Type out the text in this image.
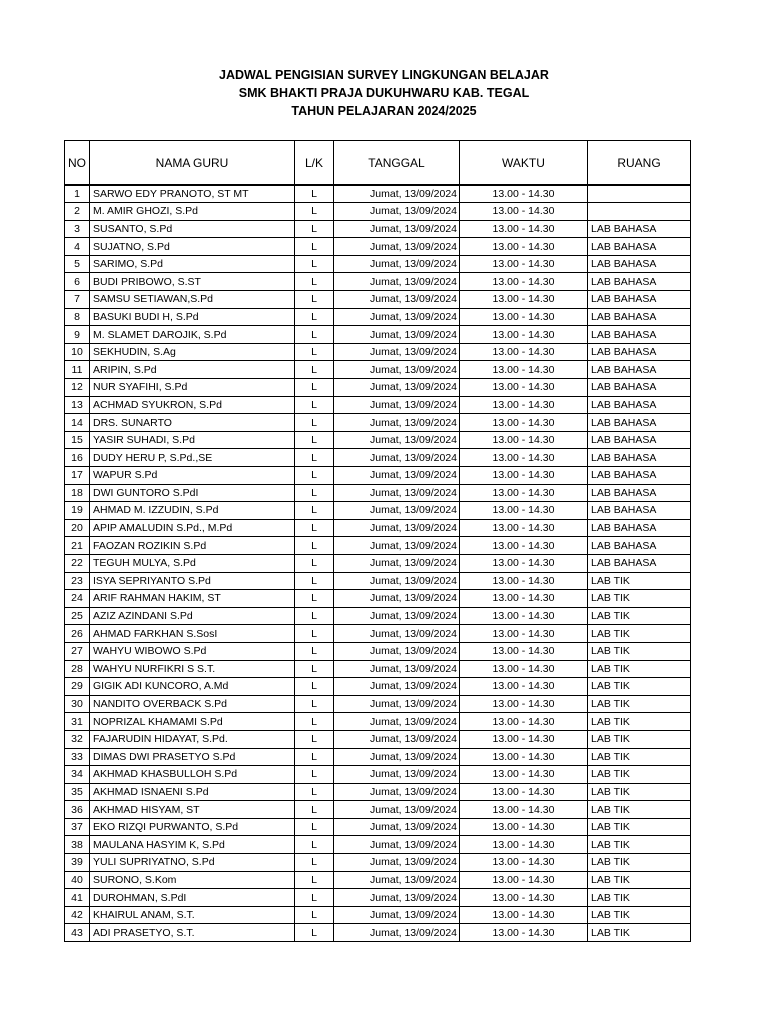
JADWAL PENGISIAN SURVEY LINGKUNGAN BELAJAR
SMK BHAKTI PRAJA DUKUHWARU KAB. TEGAL
TAHUN PELAJARAN 2024/2025
NO	NAMA GURU	L/K	TANGGAL	WAKTU	RUANG
1	SARWO EDY PRANOTO, ST MT	L	Jumat, 13/09/2024	13.00 - 14.30	
2	M. AMIR GHOZI, S.Pd	L	Jumat, 13/09/2024	13.00 - 14.30	
3	SUSANTO, S.Pd	L	Jumat, 13/09/2024	13.00 - 14.30	LAB BAHASA
4	SUJATNO, S.Pd	L	Jumat, 13/09/2024	13.00 - 14.30	LAB BAHASA
5	SARIMO, S.Pd	L	Jumat, 13/09/2024	13.00 - 14.30	LAB BAHASA
6	BUDI PRIBOWO, S.ST	L	Jumat, 13/09/2024	13.00 - 14.30	LAB BAHASA
7	SAMSU SETIAWAN,S.Pd	L	Jumat, 13/09/2024	13.00 - 14.30	LAB BAHASA
8	BASUKI BUDI H, S.Pd	L	Jumat, 13/09/2024	13.00 - 14.30	LAB BAHASA
9	M. SLAMET DAROJIK, S.Pd	L	Jumat, 13/09/2024	13.00 - 14.30	LAB BAHASA
10	SEKHUDIN, S.Ag	L	Jumat, 13/09/2024	13.00 - 14.30	LAB BAHASA
11	ARIPIN, S.Pd	L	Jumat, 13/09/2024	13.00 - 14.30	LAB BAHASA
12	NUR SYAFIHI, S.Pd	L	Jumat, 13/09/2024	13.00 - 14.30	LAB BAHASA
13	ACHMAD SYUKRON, S.Pd	L	Jumat, 13/09/2024	13.00 - 14.30	LAB BAHASA
14	DRS. SUNARTO	L	Jumat, 13/09/2024	13.00 - 14.30	LAB BAHASA
15	YASIR SUHADI, S.Pd	L	Jumat, 13/09/2024	13.00 - 14.30	LAB BAHASA
16	DUDY HERU P, S.Pd.,SE	L	Jumat, 13/09/2024	13.00 - 14.30	LAB BAHASA
17	WAPUR S.Pd	L	Jumat, 13/09/2024	13.00 - 14.30	LAB BAHASA
18	DWI GUNTORO S.PdI	L	Jumat, 13/09/2024	13.00 - 14.30	LAB BAHASA
19	AHMAD M. IZZUDIN, S.Pd	L	Jumat, 13/09/2024	13.00 - 14.30	LAB BAHASA
20	APIP AMALUDIN S.Pd., M.Pd	L	Jumat, 13/09/2024	13.00 - 14.30	LAB BAHASA
21	FAOZAN ROZIKIN S.Pd	L	Jumat, 13/09/2024	13.00 - 14.30	LAB BAHASA
22	TEGUH MULYA, S.Pd	L	Jumat, 13/09/2024	13.00 - 14.30	LAB BAHASA
23	ISYA SEPRIYANTO S.Pd	L	Jumat, 13/09/2024	13.00 - 14.30	LAB TIK
24	ARIF RAHMAN HAKIM, ST	L	Jumat, 13/09/2024	13.00 - 14.30	LAB TIK
25	AZIZ AZINDANI S.Pd	L	Jumat, 13/09/2024	13.00 - 14.30	LAB TIK
26	AHMAD FARKHAN S.SosI	L	Jumat, 13/09/2024	13.00 - 14.30	LAB TIK
27	WAHYU WIBOWO S.Pd	L	Jumat, 13/09/2024	13.00 - 14.30	LAB TIK
28	WAHYU NURFIKRI S S.T.	L	Jumat, 13/09/2024	13.00 - 14.30	LAB TIK
29	GIGIK ADI KUNCORO, A.Md	L	Jumat, 13/09/2024	13.00 - 14.30	LAB TIK
30	NANDITO OVERBACK S.Pd	L	Jumat, 13/09/2024	13.00 - 14.30	LAB TIK
31	NOPRIZAL KHAMAMI S.Pd	L	Jumat, 13/09/2024	13.00 - 14.30	LAB TIK
32	FAJARUDIN HIDAYAT, S.Pd.	L	Jumat, 13/09/2024	13.00 - 14.30	LAB TIK
33	DIMAS DWI PRASETYO S.Pd	L	Jumat, 13/09/2024	13.00 - 14.30	LAB TIK
34	AKHMAD KHASBULLOH S.Pd	L	Jumat, 13/09/2024	13.00 - 14.30	LAB TIK
35	AKHMAD ISNAENI S.Pd	L	Jumat, 13/09/2024	13.00 - 14.30	LAB TIK
36	AKHMAD HISYAM, ST	L	Jumat, 13/09/2024	13.00 - 14.30	LAB TIK
37	EKO RIZQI PURWANTO, S.Pd	L	Jumat, 13/09/2024	13.00 - 14.30	LAB TIK
38	MAULANA HASYIM K, S.Pd	L	Jumat, 13/09/2024	13.00 - 14.30	LAB TIK
39	YULI SUPRIYATNO, S.Pd	L	Jumat, 13/09/2024	13.00 - 14.30	LAB TIK
40	SURONO, S.Kom	L	Jumat, 13/09/2024	13.00 - 14.30	LAB TIK
41	DUROHMAN, S.PdI	L	Jumat, 13/09/2024	13.00 - 14.30	LAB TIK
42	KHAIRUL ANAM, S.T.	L	Jumat, 13/09/2024	13.00 - 14.30	LAB TIK
43	ADI PRASETYO, S.T.	L	Jumat, 13/09/2024	13.00 - 14.30	LAB TIK
